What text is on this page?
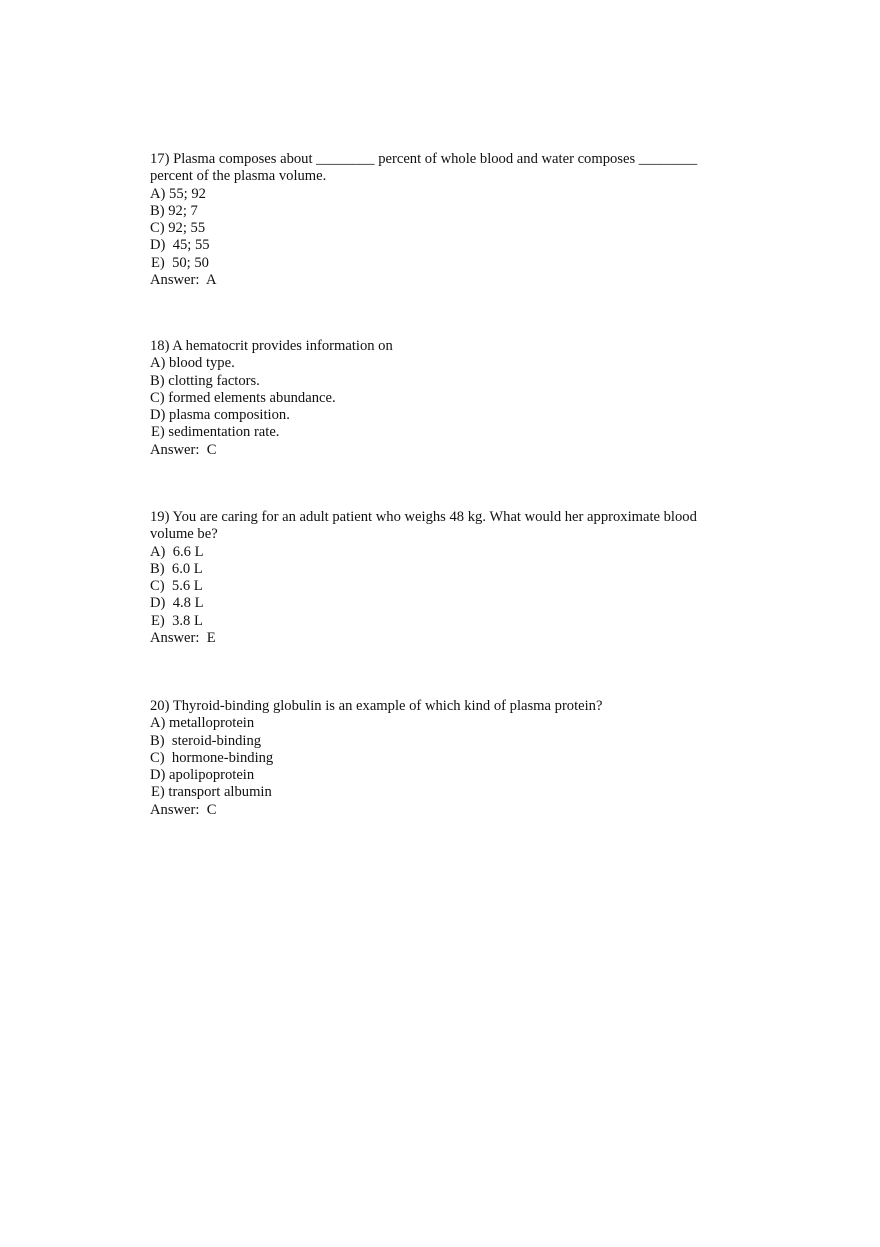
17) Plasma composes about ________ percent of whole blood and water composes ________ percent of the plasma volume.

A) 55; 92

B) 92; 7

C) 92; 55

D)  45; 55

E)  50; 50

Answer:  A

18) A hematocrit provides information on

A) blood type.

B) clotting factors.

C) formed elements abundance.

D) plasma composition.

E) sedimentation rate.

Answer:  C

19) You are caring for an adult patient who weighs 48 kg. What would her approximate blood volume be?

A)  6.6 L

B)  6.0 L

C)  5.6 L

D)  4.8 L

E)  3.8 L

Answer:  E

20) Thyroid-binding globulin is an example of which kind of plasma protein?

A) metalloprotein

B)  steroid-binding

C)  hormone-binding

D) apolipoprotein

E) transport albumin

Answer:  C
